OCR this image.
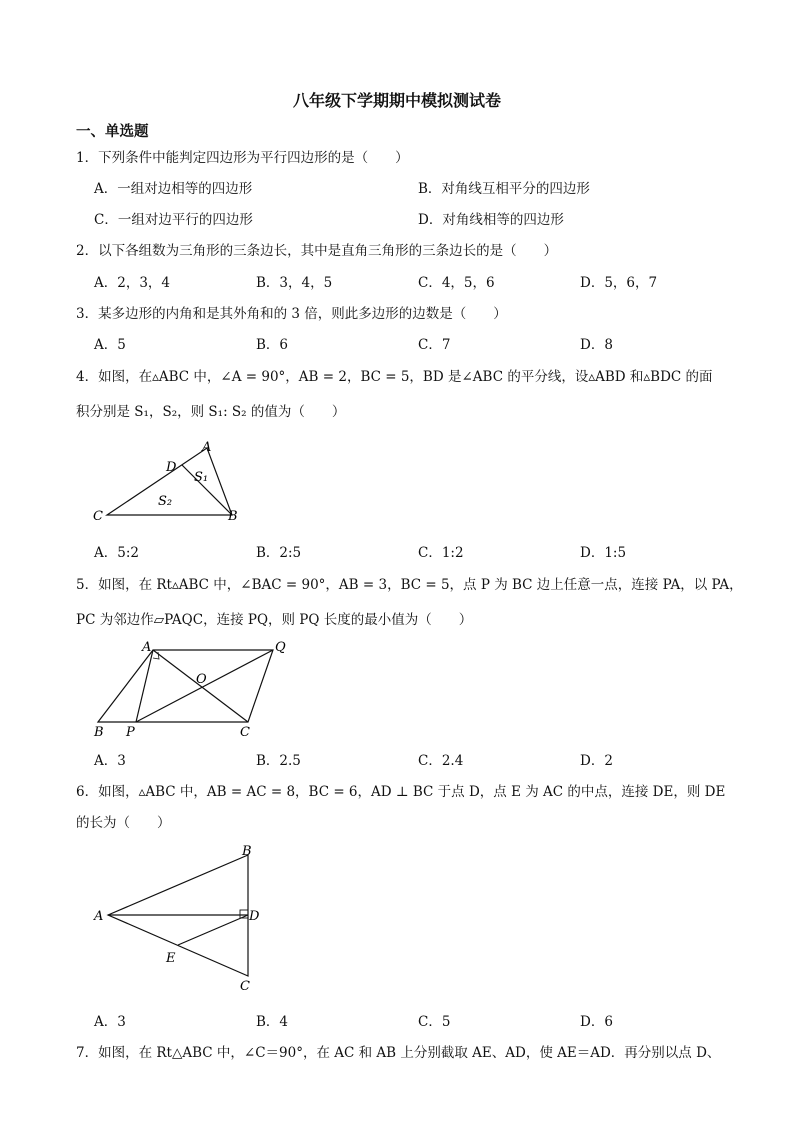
八年级下学期期中模拟测试卷
一、单选题
1．下列条件中能判定四边形为平行四边形的是（　　）
A．一组对边相等的四边形	B．对角线互相平分的四边形
C．一组对边平行的四边形	D．对角线相等的四边形
2．以下各组数为三角形的三条边长，其中是直角三角形的三条边长的是（　　）
A．2，3，4	B．3，4，5	C．4，5，6	D．5，6，7
3．某多边形的内角和是其外角和的 3 倍，则此多边形的边数是（　　）
A．5	B．6	C．7	D．8
4．如图，在▵ABC 中，∠A = 90°，AB = 2，BC = 5，BD 是∠ABC 的平分线，设▵ABD 和▵BDC 的面
积分别是 S₁，S₂，则 S₁: S₂ 的值为（　　）
A
D
S₁
S₂
C	B
A．5:2	B．2:5	C．1:2	D．1:5
5．如图，在 Rt▵ABC 中，∠BAC = 90°，AB = 3，BC = 5，点 P 为 BC 边上任意一点，连接 PA，以 PA，
PC 为邻边作▱PAQC，连接 PQ，则 PQ 长度的最小值为（　　）
A	Q
O
B P	C
A．3	B．2.5	C．2.4	D．2
6．如图，▵ABC 中，AB = AC = 8，BC = 6，AD ⊥ BC 于点 D，点 E 为 AC 的中点，连接 DE，则 DE
的长为（　　）
B
A	D
E
C
A．3	B．4	C．5	D．6
7．如图，在 Rt△ABC 中，∠C＝90°，在 AC 和 AB 上分别截取 AE、AD，使 AE＝AD．再分别以点 D、
